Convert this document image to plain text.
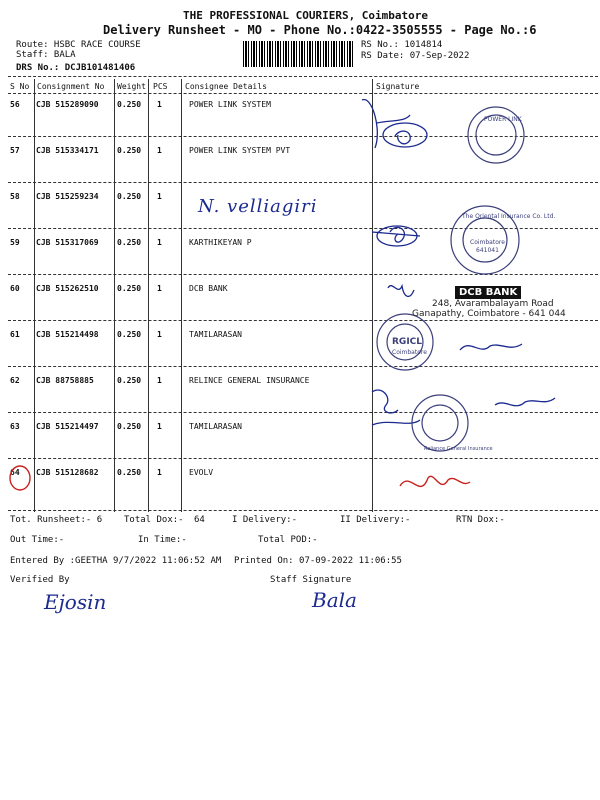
THE PROFESSIONAL COURIERS, Coimbatore
Delivery Runsheet - MO - Phone No.:0422-3505555 - Page No.:6
Route: HSBC RACE COURSE
Staff: BALA
DRS No.: DCJB101481406
RS No.: 1014814
RS Date: 07-Sep-2022
S No Consignment No Weight PCS Consignee Details	Signature
56 CJB 515289090 0.250 1	POWER LINK SYSTEM
57 CJB 515334171 0.250 1	POWER LINK SYSTEM PVT
58 CJB 515259234 0.250 1
59 CJB 515317069 0.250 1	KARTHIKEYAN P
60 CJB 515262510 0.250 1	DCB BANK
61 CJB 515214498 0.250 1	TAMILARASAN
62 CJB 88758885	0.250 1	RELINCE GENERAL INSURANCE
63 CJB 515214497 0.250 1	TAMILARASAN
64 CJB 515128682 0.250 1	EVOLV
N. velliagiri
POWER LINK
The Oriental Insurance Co. Ltd.
Coimbatore
641041
RGICL
Coimbatore
Reliance General Insurance
DCB BANK
248, Avarambalayam Road
Ganapathy, Coimbatore - 641 044
Tot. Runsheet:- 6 Total Dox:- 64	I Delivery:-	II Delivery:-	RTN Dox:-
Out Time:-	In Time:-	Total POD:-
Entered By :GEETHA 9/7/2022 11:06:52 AM Printed On: 07-09-2022 11:06:55
Verified By	Staff Signature
Ejosin	Bala
